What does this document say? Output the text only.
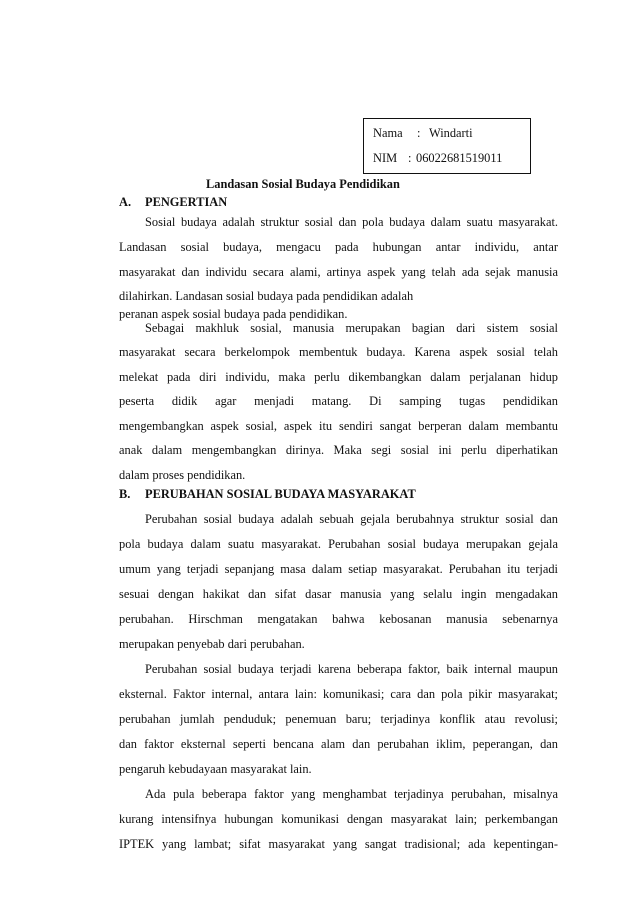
Nama : Windarti
NIM : 06022681519011
Landasan Sosial Budaya Pendidikan
A. PENGERTIAN
Sosial budaya adalah struktur sosial dan pola budaya dalam suatu masyarakat.
Landasan sosial budaya, mengacu pada hubungan antar individu, antar
masyarakat dan individu secara alami, artinya aspek yang telah ada sejak manusia
dilahirkan. Landasan sosial budaya pada pendidikan adalah
peranan aspek sosial budaya pada pendidikan.
Sebagai makhluk sosial, manusia merupakan bagian dari sistem sosial
masyarakat secara berkelompok membentuk budaya. Karena aspek sosial telah
melekat pada diri individu, maka perlu dikembangkan dalam perjalanan hidup
peserta didik agar menjadi matang. Di samping tugas pendidikan
mengembangkan aspek sosial, aspek itu sendiri sangat berperan dalam membantu
anak dalam mengembangkan dirinya. Maka segi sosial ini perlu diperhatikan
dalam proses pendidikan.
B. PERUBAHAN SOSIAL BUDAYA MASYARAKAT
Perubahan sosial budaya adalah sebuah gejala berubahnya struktur sosial dan
pola budaya dalam suatu masyarakat. Perubahan sosial budaya merupakan gejala
umum yang terjadi sepanjang masa dalam setiap masyarakat. Perubahan itu terjadi
sesuai dengan hakikat dan sifat dasar manusia yang selalu ingin mengadakan
perubahan. Hirschman mengatakan bahwa kebosanan manusia sebenarnya
merupakan penyebab dari perubahan.
Perubahan sosial budaya terjadi karena beberapa faktor, baik internal maupun
eksternal. Faktor internal, antara lain: komunikasi; cara dan pola pikir masyarakat;
perubahan jumlah penduduk; penemuan baru; terjadinya konflik atau revolusi;
dan faktor eksternal seperti bencana alam dan perubahan iklim, peperangan, dan
pengaruh kebudayaan masyarakat lain.
Ada pula beberapa faktor yang menghambat terjadinya perubahan, misalnya
kurang intensifnya hubungan komunikasi dengan masyarakat lain; perkembangan
IPTEK yang lambat; sifat masyarakat yang sangat tradisional; ada kepentingan-
